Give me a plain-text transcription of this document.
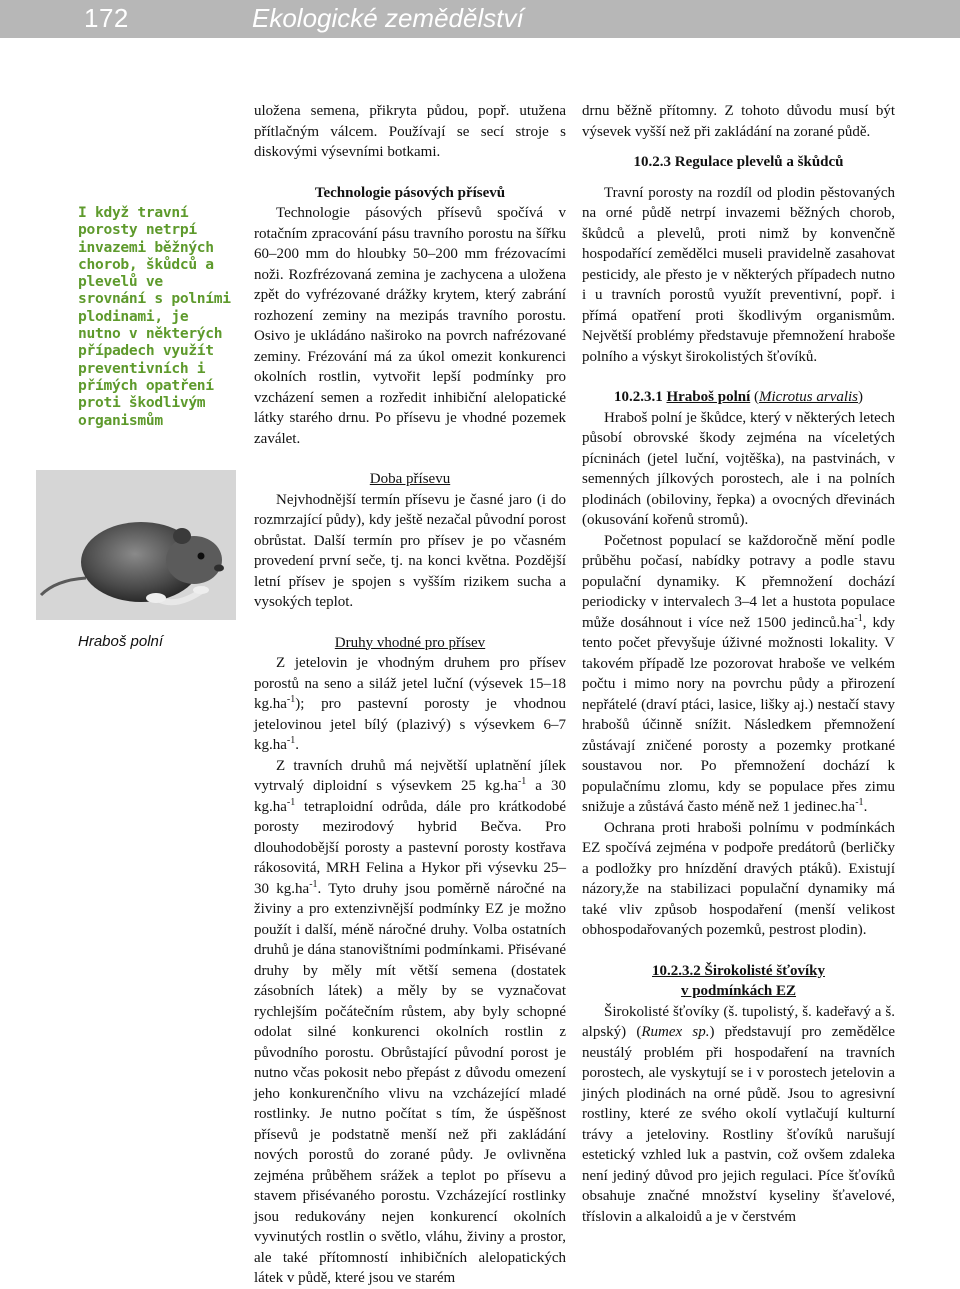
172	Ekologické zemědělství
I když travní porosty netrpí invazemi běžných chorob, škůdců a plevelů ve srovnání s polními plodinami, je nutno v některých případech využít preventivních i přímých opatření proti škodlivým organismům
Hraboš polní

uložena semena, přikryta půdou, popř. utužena přítlačným válcem. Používají se secí stroje s diskovými výsevními botkami.

Technologie pásových přísevů

Technologie pásových přísevů spočívá v rotačním zpracování pásu travního porostu na šířku 60–200 mm do hloubky 50–200 mm frézovacími noži. Rozfrézovaná zemina je zachycena a uložena zpět do vyfrézované drážky krytem, který zabrání rozhození zeminy na mezipás travního porostu. Osivo je ukládáno naširoko na povrch nafrézované zeminy. Frézování má za úkol omezit konkurenci okolních rostlin, vytvořit lepší podmínky pro vzcházení semen a rozředit inhibiční alelopatické látky starého drnu. Po přísevu je vhodné pozemek zaválet.

Doba přísevu

Nejvhodnější termín přísevu je časné jaro (i do rozmrzající půdy), kdy ještě nezačal původní porost obrůstat. Další termín pro přísev je po včasném provedení první seče, tj. na konci května. Pozdější letní přísev je spojen s vyšším rizikem sucha a vysokých teplot.

Druhy vhodné pro přísev

Z jetelovin je vhodným druhem pro přísev porostů na seno a siláž jetel luční (výsevek 15–18 $kg.ha^{-1}$); pro pastevní porosty je vhodnou jetelovinou jetel bílý (plazivý) s výsevkem 6–7 $kg.ha^{-1}$.

Z travních druhů má největší uplatnění jílek vytrvalý diploidní s výsevkem 25 $kg.ha^{-1}$ a 30 $kg.ha^{-1}$ tetraploidní odrůda, dále pro krátkodobé porosty mezirodový hybrid Bečva. Pro dlouhodobější porosty a pastevní porosty kostřava rákosovitá, MRH Felina a Hykor při výsevku 25–30 $kg.ha^{-1}$. Tyto druhy jsou poměrně náročné na živiny a pro extenzivnější podmínky EZ je možno použít i další, méně náročné druhy. Volba ostatních druhů je dána stanovištními podmínkami. Přisévané druhy by měly mít větší semena (dostatek zásobních látek) a měly by se vyznačovat rychlejším počátečním růstem, aby byly schopné odolat silné konkurenci okolních rostlin z původního porostu. Obrůstající původní porost je nutno včas pokosit nebo přepást z důvodu omezení jeho konkurenčního vlivu na vzcházející mladé rostlinky. Je nutno počítat s tím, že úspěšnost přísevů je podstatně menší než při zakládání nových porostů do zorané půdy. Je ovlivněna zejména průběhem srážek a teplot po přísevu a stavem přisévaného porostu. Vzcházející rostlinky jsou redukovány nejen konkurencí okolních vyvinutých rostlin o světlo, vláhu, živiny a prostor, ale také přítomností inhibičních alelopatických látek v půdě, které jsou ve starém

drnu běžně přítomny. Z tohoto důvodu musí být výsevek vyšší než při zakládání na zorané půdě.

10.2.3 Regulace plevelů a škůdců

Travní porosty na rozdíl od plodin pěstovaných na orné půdě netrpí invazemi běžných chorob, škůdců a plevelů, proti nimž by konvenčně hospodařící zemědělci museli pravidelně zasahovat pesticidy, ale přesto je v některých případech nutno i u travních porostů využít preventivní, popř. i přímá opatření proti škodlivým organismům. Největší problémy představuje přemnožení hraboše polního a výskyt širokolistých šťovíků.

10.2.3.1 Hraboš polní (Microtus arvalis)

Hraboš polní je škůdce, který v některých letech působí obrovské škody zejména na víceletých pícninách (jetel luční, vojtěška), na pastvinách, v semenných jílkových porostech, ale i na polních plodinách (obiloviny, řepka) a ovocných dřevinách (okusování kořenů stromů).

Početnost populací se každoročně mění podle průběhu počasí, nabídky potravy a podle stavu populační dynamiky. K přemnožení dochází periodicky v intervalech 3–4 let a hustota populace může dosáhnout i více než 1500 $jedinců.ha^{-1}$, kdy tento počet převyšuje úživné možnosti lokality. V takovém případě lze pozorovat hraboše ve velkém počtu i mimo nory na povrchu půdy a přirození nepřátelé (draví ptáci, lasice, lišky aj.) nestačí stavy hrabošů účinně snížit. Následkem přemnožení zůstávají zničené porosty a pozemky protkané soustavou nor. Po přemnožení dochází k populačnímu zlomu, kdy se populace přes zimu snižuje a zůstává často méně než 1 $jedinec.ha^{-1}$.

Ochrana proti hraboši polnímu v podmínkách EZ spočívá zejména v podpoře predátorů (berličky a podložky pro hnízdění dravých ptáků). Existují názory,že na stabilizaci populační dynamiky má také vliv způsob hospodaření (menší velikost obhospodařovaných pozemků, pestrost plodin).

10.2.3.2 Širokolisté šťovíky
v podmínkách EZ

Širokolisté šťovíky (š. tupolistý, š. kadeřavý a š. alpský) (Rumex sp.) představují pro zemědělce neustálý problém při hospodaření na travních porostech, ale vyskytují se i v porostech jetelovin a jiných plodinách na orné půdě. Jsou to agresivní rostliny, které ze svého okolí vytlačují kulturní trávy a jeteloviny. Rostliny šťovíků narušují estetický vzhled luk a pastvin, což ovšem zdaleka není jediný důvod pro jejich regulaci. Píce šťovíků obsahuje značné množství kyseliny šťavelové, tříslovin a alkaloidů a je v čerstvém
